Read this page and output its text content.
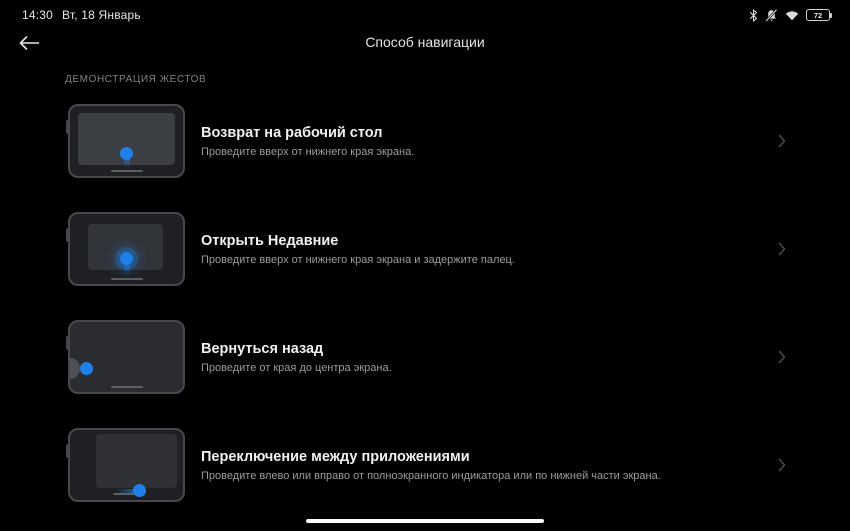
14:30 Вт, 18 Январь	72
Способ навигации
ДЕМОНСТРАЦИЯ ЖЕСТОВ
Возврат на рабочий стол
Проведите вверх от нижнего края экрана.
Открыть Недавние
Проведите вверх от нижнего края экрана и задержите палец.
Вернуться назад
Проведите от края до центра экрана.
Переключение между приложениями
Проведите влево или вправо от полноэкранного индикатора или по нижней части экрана.
